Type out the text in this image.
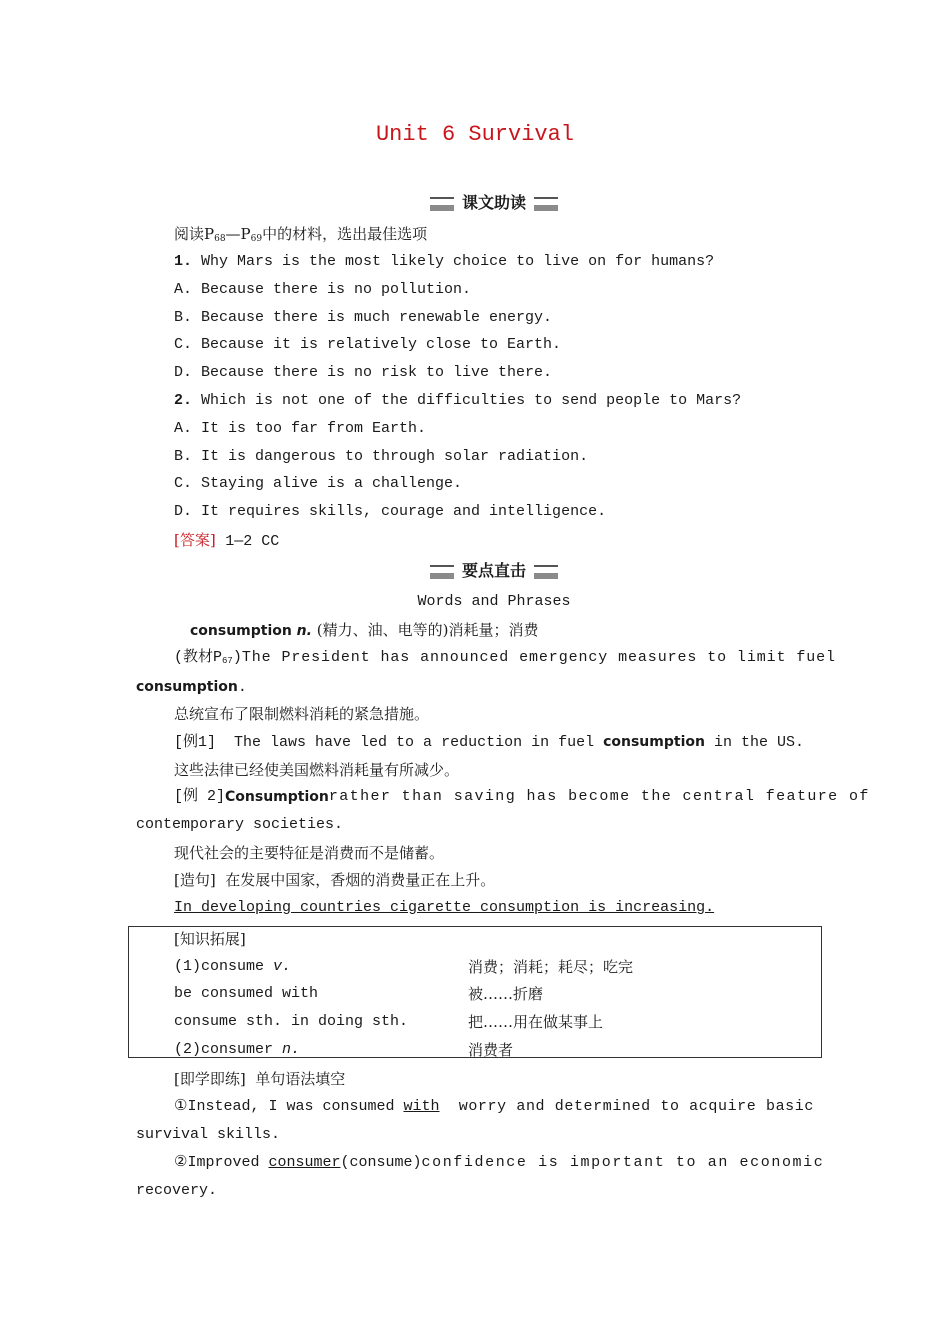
Unit 6 Survival
课文助读
阅读$P_{68}—P_{69}$中的材料，选出最佳选项
1. Why Mars is the most likely choice to live on for humans?
A. Because there is no pollution.
B. Because there is much renewable energy.
C. Because it is relatively close to Earth.
D. Because there is no risk to live there.
2. Which is not one of the difficulties to send people to Mars?
A. It is too far from Earth.
B. It is dangerous to through solar radiation.
C. Staying alive is a challenge.
D. It requires skills, courage and intelligence.
[答案] 1—2 CC
要点直击
Words and Phrases
consumption n. (精力、油、电等的)消耗量；消费
(教材$P_{67}$) The President has announced emergency measures to limit fuel
consumption.
总统宣布了限制燃料消耗的紧急措施。
[例1] The laws have led to a reduction in fuel consumption in the US.
这些法律已经使美国燃料消耗量有所减少。
[例 2] Consumption rather than saving has become the central feature of
contemporary societies.
现代社会的主要特征是消费而不是储蓄。
[造句] 在发展中国家，香烟的消费量正在上升。
In developing countries cigarette consumption is increasing.
[知识拓展]
(1)consume v.	消费；消耗；耗尽；吃完
be consumed with	被……折磨
consume sth. in doing sth.	把……用在做某事上
(2)consumer n.	消费者
[即学即练] 单句语法填空
①Instead, I was consumed with worry and determined to acquire basic
survival skills.
②Improved consumer(consume) confidence is important to an economic
recovery.
